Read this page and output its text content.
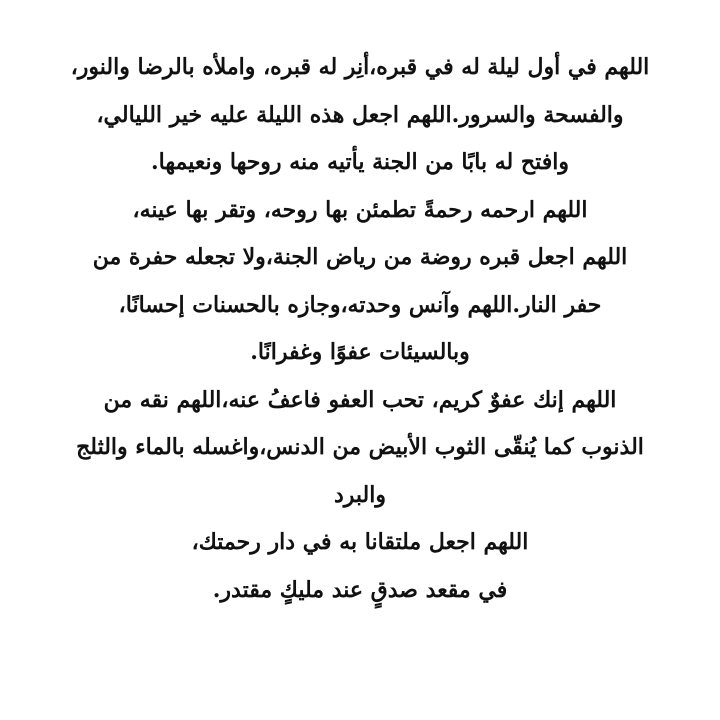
اللهم في أول ليلة له في قبره،أنِر له قبره، واملأه بالرضا والنور،
والفسحة والسرور.اللهم اجعل هذه الليلة عليه خير الليالي،
وافتح له بابًا من الجنة يأتيه منه روحها ونعيمها.
اللهم ارحمه رحمةً تطمئن بها روحه، وتقر بها عينه،
اللهم اجعل قبره روضة من رياض الجنة،ولا تجعله حفرة من
حفر النار.اللهم وآنس وحدته،وجازه بالحسنات إحسانًا،
وبالسيئات عفوًا وغفرانًا.
اللهم إنك عفوٌ كريم، تحب العفو فاعفُ عنه،اللهم نقه من
الذنوب كما يُنقّى الثوب الأبيض من الدنس،واغسله بالماء والثلج
والبرد
اللهم اجعل ملتقانا به في دار رحمتك،
في مقعد صدقٍ عند مليكٍ مقتدر.
